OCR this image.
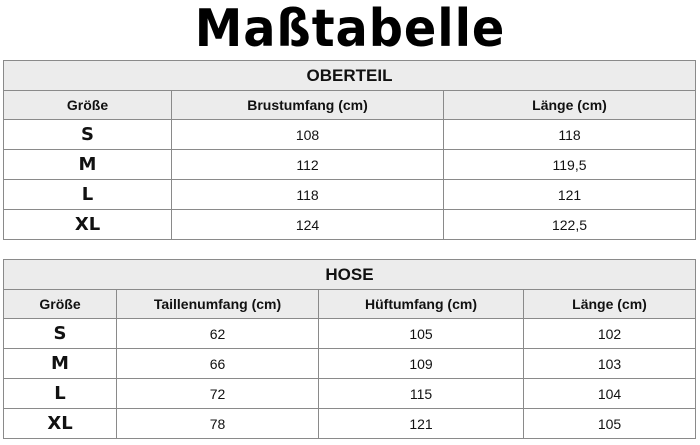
Maßtabelle
OBERTEIL		
Größe	Brustumfang (cm)	Länge (cm)
S	108	118
M	112	119,5
L	118	121
XL	124	122,5
HOSE			
Größe	Taillenumfang (cm)	Hüftumfang (cm)	Länge (cm)
S	62	105	102
M	66	109	103
L	72	115	104
XL	78	121	105
